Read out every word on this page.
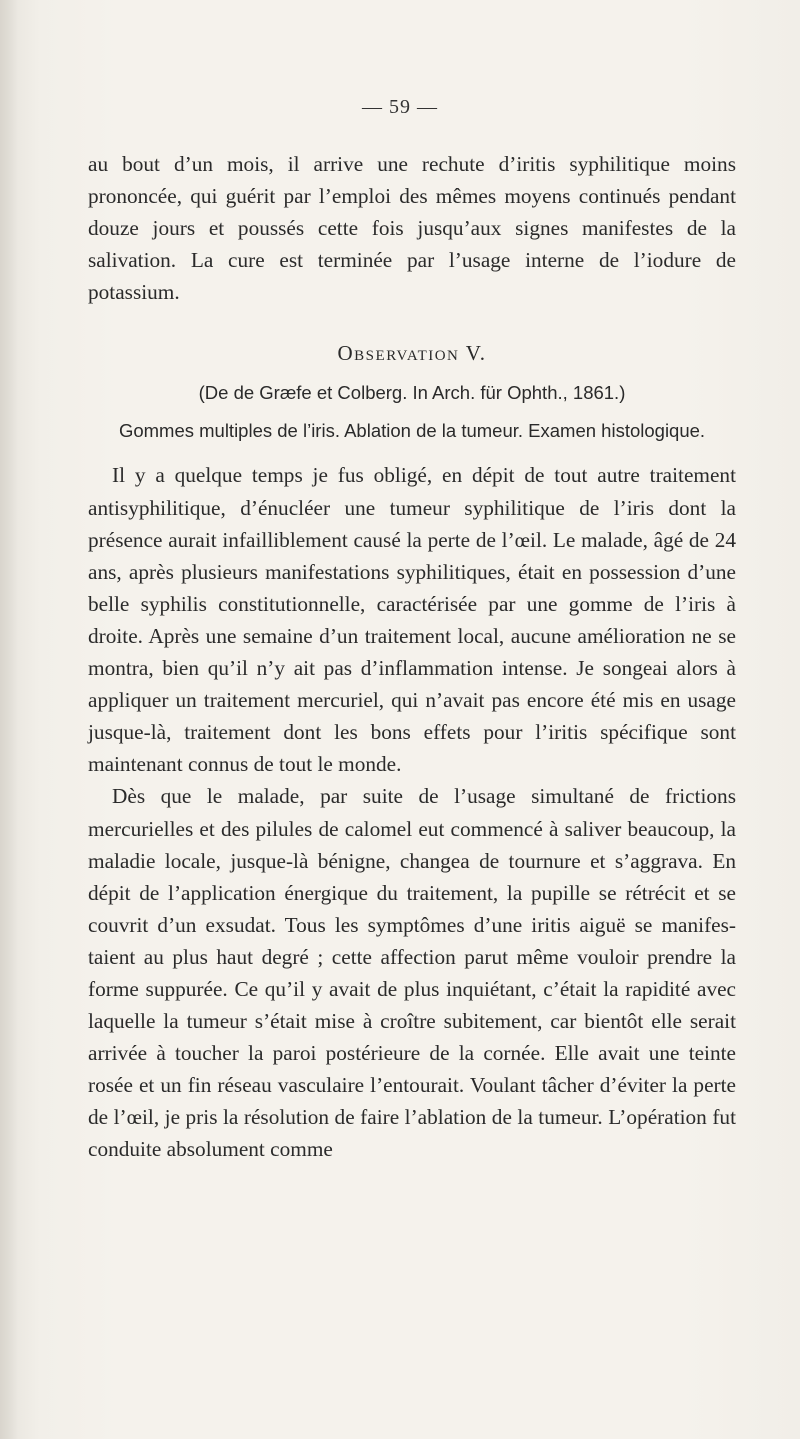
— 59 —

au bout d’un mois, il arrive une rechute d’iritis syphilitique moins prononcée, qui guérit par l’emploi des mêmes moyens continués pendant douze jours et poussés cette fois jusqu’aux signes manifestes de la salivation. La cure est terminée par l’usage interne de l’iodure de potassium.

Observation V.

(De de Græfe et Colberg. In Arch. für Ophth., 1861.)

Gommes multiples de l’iris. Ablation de la tumeur. Examen histologique.

Il y a quelque temps je fus obligé, en dépit de tout autre traitement antisyphilitique, d’énucléer une tumeur syphilitique de l’iris dont la présence aurait infailliblement causé la perte de l’œil. Le malade, âgé de 24 ans, après plusieurs manifestations syphilitiques, était en possession d’une belle syphilis constitutionnelle, caractérisée par une gomme de l’iris à droite. Après une semaine d’un traitement local, aucune amélioration ne se montra, bien qu’il n’y ait pas d’inflammation intense. Je songeai alors à appliquer un traitement mercuriel, qui n’avait pas encore été mis en usage jusque-là, traitement dont les bons effets pour l’iritis spécifique sont maintenant connus de tout le monde.

Dès que le malade, par suite de l’usage simultané de frictions mercurielles et des pilules de calomel eut commencé à saliver beaucoup, la maladie locale, jusque-là bénigne, changea de tournure et s’aggrava. En dépit de l’application énergique du traitement, la pupille se rétrécit et se couvrit d’un exsudat. Tous les symptômes d’une iritis aiguë se manifestaient au plus haut degré ; cette affection parut même vouloir prendre la forme suppurée. Ce qu’il y avait de plus inquiétant, c’était la rapidité avec laquelle la tumeur s’était mise à croître subitement, car bientôt elle serait arrivée à toucher la paroi postérieure de la cornée. Elle avait une teinte rosée et un fin réseau vasculaire l’entourait. Voulant tâcher d’éviter la perte de l’œil, je pris la résolution de faire l’ablation de la tumeur. L’opération fut conduite absolument comme
